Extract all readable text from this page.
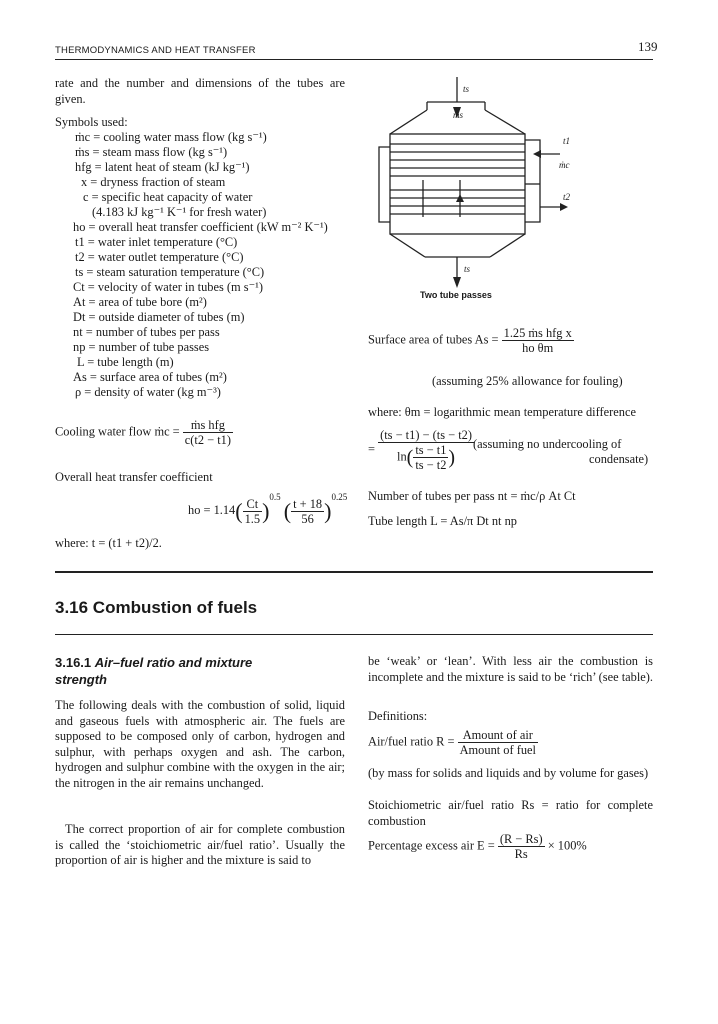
THERMODYNAMICS AND HEAT TRANSFER	139
rate and the number and dimensions of the tubes are given.
Symbols used:
ṁc = cooling water mass flow (kg s⁻¹)
ṁs = steam mass flow (kg s⁻¹)
hfg = latent heat of steam (kJ kg⁻¹)
x = dryness fraction of steam
c = specific heat capacity of water
(4.183 kJ kg⁻¹ K⁻¹ for fresh water)
ho = overall heat transfer coefficient (kW m⁻² K⁻¹)
t1 = water inlet temperature (°C)
t2 = water outlet temperature (°C)
ts = steam saturation temperature (°C)
Ct = velocity of water in tubes (m s⁻¹)
At = area of tube bore (m²)
Dt = outside diameter of tubes (m)
nt = number of tubes per pass
np = number of tube passes
L = tube length (m)
As = surface area of tubes (m²)
ρ = density of water (kg m⁻³)
Cooling water flow ṁc = $\frac{\text{ṁs hfg}}{c(t2 - t1)}$
Overall heat transfer coefficient
ho = $1.14( \frac{Ct}{1.5} )^{0.5}$ ( $\frac{t + 18}{56} )^{0.25}$
where: t = (t1 + t2)/2.
ts
ṁs
t1
ṁc
t2
ts
Two tube passes
Surface area of tubes $As = \frac{\text{1.25 ṁs hfg x}}{\text{ho θm}}$
(assuming 25% allowance for fouling)
where: θm = logarithmic mean temperature difference
= $\frac{(ts - t1) - (ts - t2)}{\ln( \frac{ts - t1}{ts - t2} )}$ (assuming no undercooling of
condensate)
Number of tubes per pass nt = ṁc/ρ At Ct
Tube length L = As/π Dt nt np
3.16 Combustion of fuels
3.16.1 Air–fuel ratio and mixture
strength
The following deals with the combustion of solid, liquid and gaseous fuels with atmospheric air. The fuels are supposed to be composed only of carbon, hydrogen and sulphur, with perhaps oxygen and ash. The carbon, hydrogen and sulphur combine with the oxygen in the air; the nitrogen in the air remains unchanged.
The correct proportion of air for complete combustion is called the ‘stoichiometric air/fuel ratio’. Usually the proportion of air is higher and the mixture is said to
be ‘weak’ or ‘lean’. With less air the combustion is incomplete and the mixture is said to be ‘rich’ (see table).
Definitions:
Air/fuel ratio $R = \frac{\text{Amount of air}}{\text{Amount of fuel}}$
(by mass for solids and liquids and by volume for gases)
Stoichiometric air/fuel ratio Rs = ratio for complete combustion
Percentage excess air $E = \frac{(R - Rs)}{Rs} \times 100\%$
